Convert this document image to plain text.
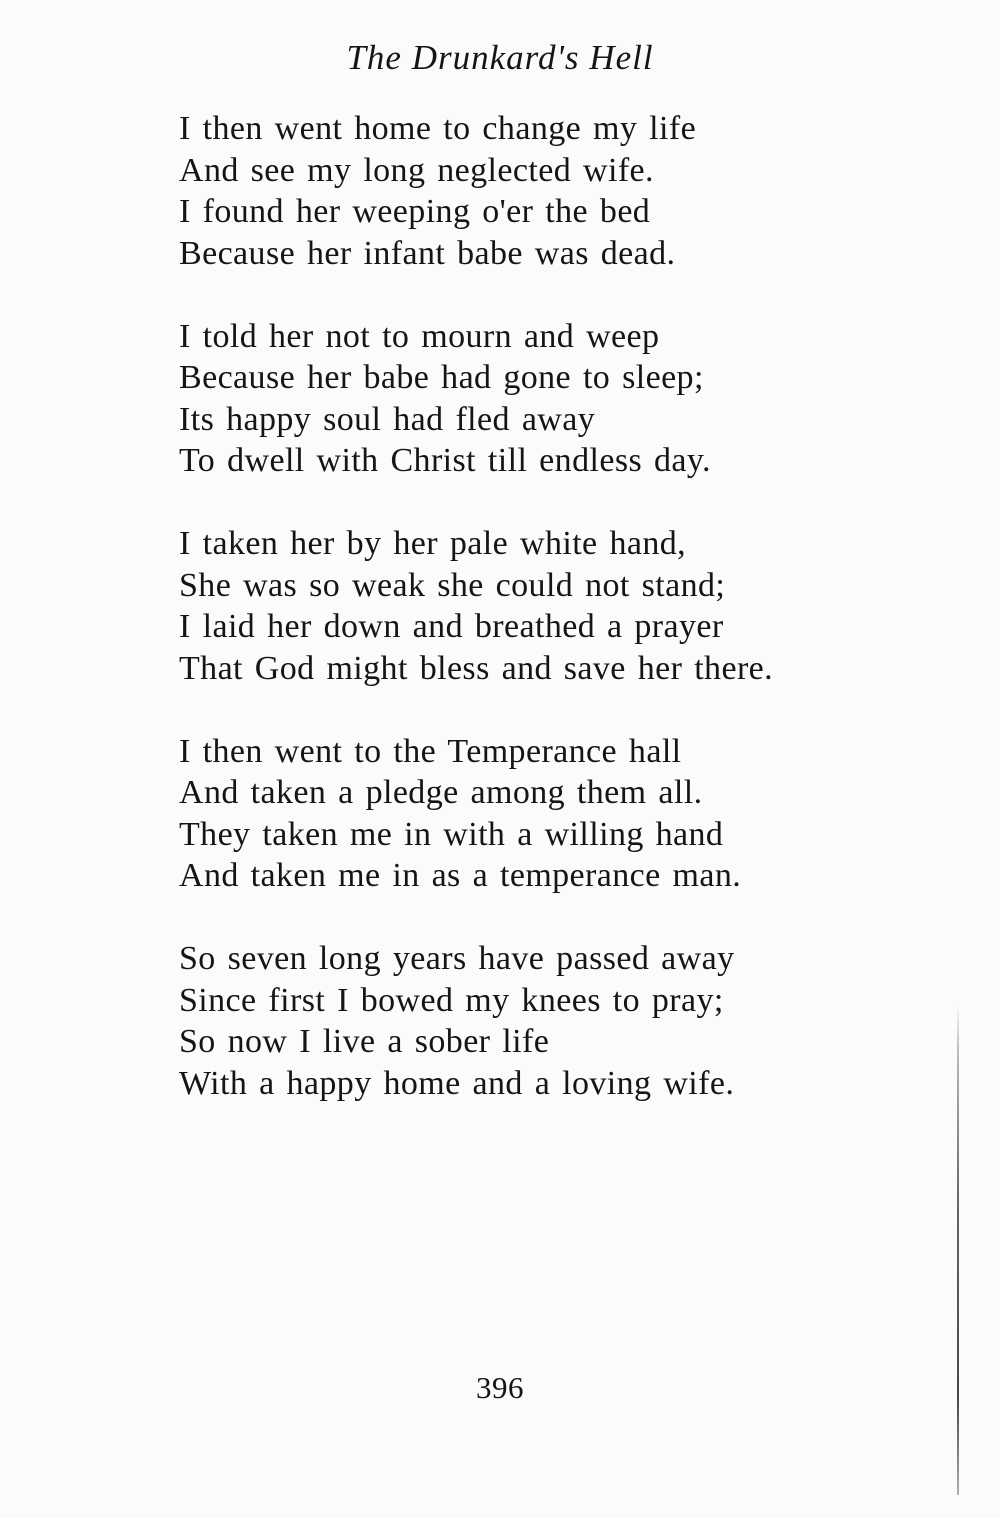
The Drunkard's Hell
I then went home to change my life
And see my long neglected wife.
I found her weeping o'er the bed
Because her infant babe was dead.
I told her not to mourn and weep
Because her babe had gone to sleep;
Its happy soul had fled away
To dwell with Christ till endless day.
I taken her by her pale white hand,
She was so weak she could not stand;
I laid her down and breathed a prayer
That God might bless and save her there.
I then went to the Temperance hall
And taken a pledge among them all.
They taken me in with a willing hand
And taken me in as a temperance man.
So seven long years have passed away
Since first I bowed my knees to pray;
So now I live a sober life
With a happy home and a loving wife.
396
